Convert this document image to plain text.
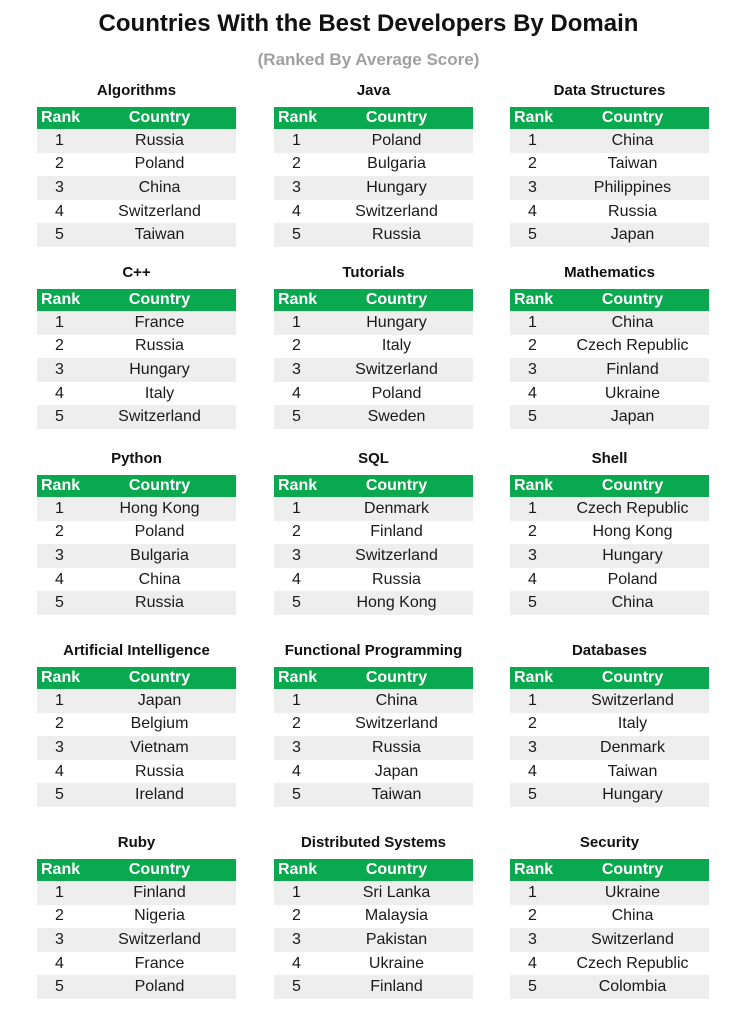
Countries With the Best Developers By Domain
(Ranked By Average Score)
Algorithms
Rank	Country
1	Russia
2	Poland
3	China
4	Switzerland
5	Taiwan
Java
Rank	Country
1	Poland
2	Bulgaria
3	Hungary
4	Switzerland
5	Russia
Data Structures
Rank	Country
1	China
2	Taiwan
3	Philippines
4	Russia
5	Japan
C++
Rank	Country
1	France
2	Russia
3	Hungary
4	Italy
5	Switzerland
Tutorials
Rank	Country
1	Hungary
2	Italy
3	Switzerland
4	Poland
5	Sweden
Mathematics
Rank	Country
1	China
2	Czech Republic
3	Finland
4	Ukraine
5	Japan
Python
Rank	Country
1	Hong Kong
2	Poland
3	Bulgaria
4	China
5	Russia
SQL
Rank	Country
1	Denmark
2	Finland
3	Switzerland
4	Russia
5	Hong Kong
Shell
Rank	Country
1	Czech Republic
2	Hong Kong
3	Hungary
4	Poland
5	China
Artificial Intelligence
Rank	Country
1	Japan
2	Belgium
3	Vietnam
4	Russia
5	Ireland
Functional Programming
Rank	Country
1	China
2	Switzerland
3	Russia
4	Japan
5	Taiwan
Databases
Rank	Country
1	Switzerland
2	Italy
3	Denmark
4	Taiwan
5	Hungary
Ruby
Rank	Country
1	Finland
2	Nigeria
3	Switzerland
4	France
5	Poland
Distributed Systems
Rank	Country
1	Sri Lanka
2	Malaysia
3	Pakistan
4	Ukraine
5	Finland
Security
Rank	Country
1	Ukraine
2	China
3	Switzerland
4	Czech Republic
5	Colombia
